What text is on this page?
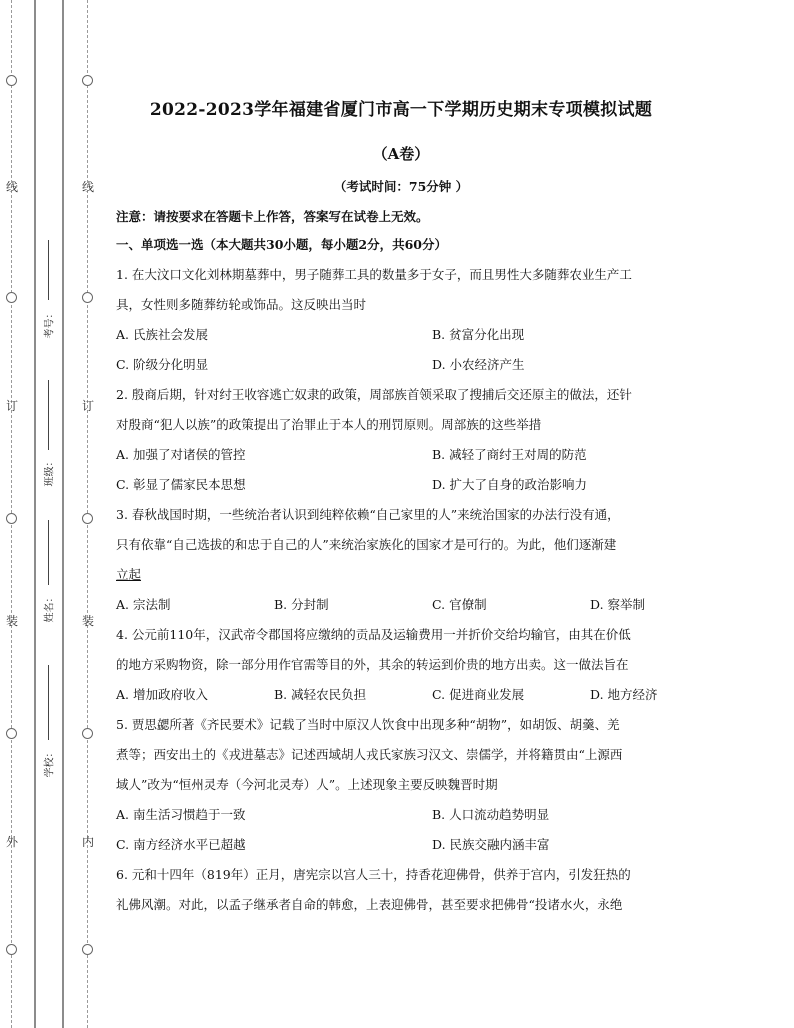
线
订
装
外
线
订
装
内
考号：
班级：
姓名：
学校：
2022-2023学年福建省厦门市高一下学期历史期末专项模拟试题
（A卷）
（考试时间：75分钟 ）
注意：请按要求在答题卡上作答，答案写在试卷上无效。
一、单项选一选（本大题共30小题，每小题2分，共60分）
1. 在大汶口文化刘林期墓葬中，男子随葬工具的数量多于女子，而且男性大多随葬农业生产工
具，女性则多随葬纺轮或饰品。这反映出当时
A. 氏族社会发展	B. 贫富分化出现
C. 阶级分化明显	D. 小农经济产生
2. 殷商后期，针对纣王收容逃亡奴隶的政策，周部族首领采取了搜捕后交还原主的做法，还针
对殷商“犯人以族”的政策提出了治罪止于本人的刑罚原则。周部族的这些举措
A. 加强了对诸侯的管控	B. 减轻了商纣王对周的防范
C. 彰显了儒家民本思想	D. 扩大了自身的政治影响力
3. 春秋战国时期，一些统治者认识到纯粹依赖“自己家里的人”来统治国家的办法行没有通，
只有依靠“自己选拔的和忠于自己的人”来统治家族化的国家才是可行的。为此，他们逐渐建
立起
A. 宗法制	B. 分封制	C. 官僚制	D. 察举制
4. 公元前110年，汉武帝令郡国将应缴纳的贡品及运输费用一并折价交给均输官，由其在价低
的地方采购物资，除一部分用作官需等目的外，其余的转运到价贵的地方出卖。这一做法旨在
A. 增加政府收入	B. 减轻农民负担	C. 促进商业发展	D. 地方经济
5. 贾思勰所著《齐民要术》记载了当时中原汉人饮食中出现多种“胡物”，如胡饭、胡羹、羌
煮等；西安出土的《戎进墓志》记述西域胡人戎氏家族习汉文、崇儒学，并将籍贯由“上源西
域人”改为“恒州灵寿（今河北灵寿）人”。上述现象主要反映魏晋时期
A. 南生活习惯趋于一致	B. 人口流动趋势明显
C. 南方经济水平已超越	D. 民族交融内涵丰富
6. 元和十四年（819年）正月，唐宪宗以宫人三十，持香花迎佛骨，供养于宫内，引发狂热的
礼佛风潮。对此，以孟子继承者自命的韩愈，上表迎佛骨，甚至要求把佛骨“投诸水火，永绝
